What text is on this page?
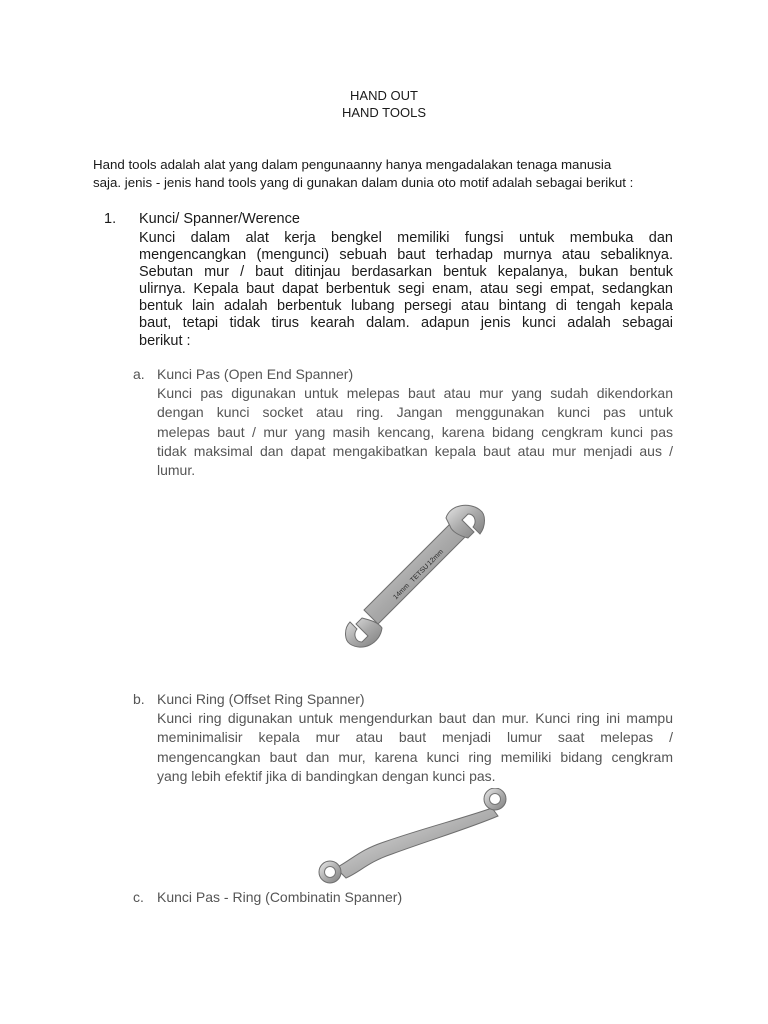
HAND OUT
HAND TOOLS
Hand tools adalah alat yang dalam pengunaanny hanya mengadalakan tenaga manusia
saja. jenis - jenis hand tools yang di gunakan dalam dunia oto motif adalah sebagai berikut :
1. Kunci/ Spanner/Werence
Kunci dalam alat kerja bengkel memiliki fungsi untuk membuka dan
mengencangkan (mengunci) sebuah baut terhadap murnya atau sebaliknya.
Sebutan mur / baut ditinjau berdasarkan bentuk kepalanya, bukan bentuk
ulirnya. Kepala baut dapat berbentuk segi enam, atau segi empat, sedangkan
bentuk lain adalah berbentuk lubang persegi atau bintang di tengah kepala
baut, tetapi tidak tirus kearah dalam. adapun jenis kunci adalah sebagai
berikut :
a. Kunci Pas (Open End Spanner)
Kunci pas digunakan untuk melepas baut atau mur yang sudah dikendorkan
dengan kunci socket atau ring. Jangan menggunakan kunci pas untuk
melepas baut / mur yang masih kencang, karena bidang cengkram kunci pas
tidak maksimal dan dapat mengakibatkan kepala baut atau mur menjadi aus /
lumur.
14mm
TETSU
12mm
b. Kunci Ring (Offset Ring Spanner)
Kunci ring digunakan untuk mengendurkan baut dan mur. Kunci ring ini mampu
meminimalisir kepala mur atau baut menjadi lumur saat melepas /
mengencangkan baut dan mur, karena kunci ring memiliki bidang cengkram
yang lebih efektif jika di bandingkan dengan kunci pas.
c. Kunci Pas - Ring (Combinatin Spanner)
